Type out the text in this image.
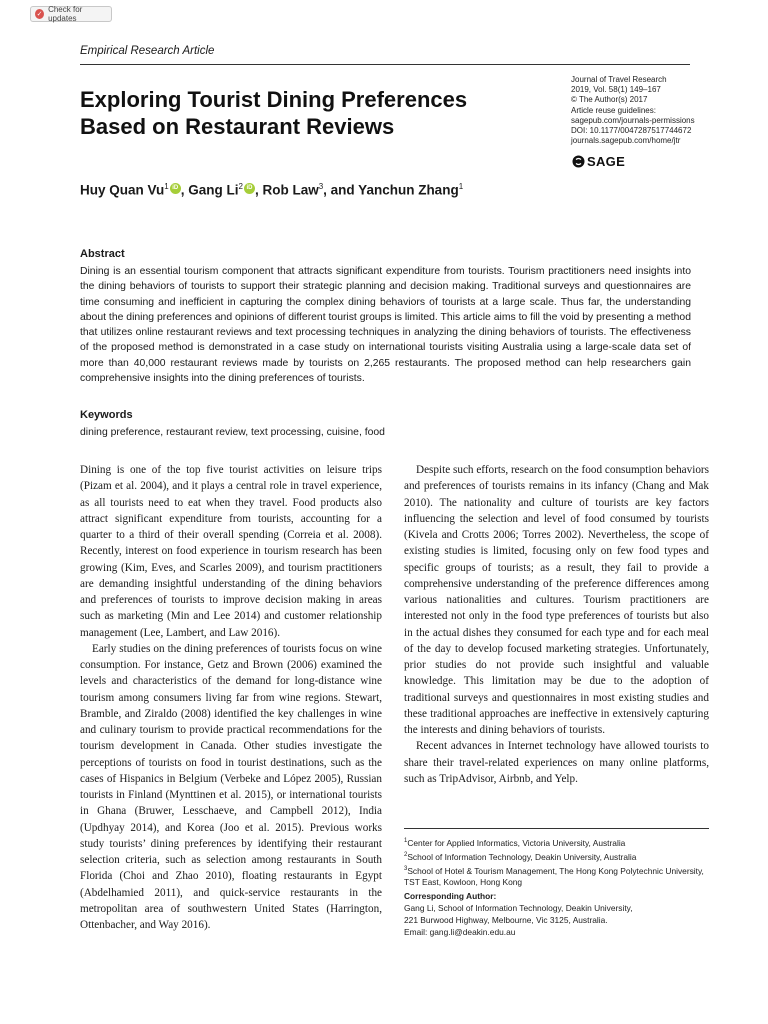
✓ Check for updates
Empirical Research Article
Exploring Tourist Dining Preferences Based on Restaurant Reviews
Journal of Travel Research
2019, Vol. 58(1) 149–167
© The Author(s) 2017
Article reuse guidelines:
sagepub.com/journals-permissions
DOI: 10.1177/0047287517744672
journals.sagepub.com/home/jtr
SAGE
Huy Quan Vu$^1$ iD , Gang Li$^2$ iD , Rob Law$^3$, and Yanchun Zhang$^1$
Abstract

Dining is an essential tourism component that attracts significant expenditure from tourists. Tourism practitioners need insights into the dining behaviors of tourists to support their strategic planning and decision making. Traditional surveys and questionnaires are time consuming and inefficient in capturing the complex dining behaviors of tourists at a large scale. Thus far, the understanding about the dining preferences and opinions of different tourist groups is limited. This article aims to fill the void by presenting a method that utilizes online restaurant reviews and text processing techniques in analyzing the dining behaviors of tourists. The effectiveness of the proposed method is demonstrated in a case study on international tourists visiting Australia using a large-scale data set of more than 40,000 restaurant reviews made by tourists on 2,265 restaurants. The proposed method can help researchers gain comprehensive insights into the dining preferences of tourists.

Keywords

dining preference, restaurant review, text processing, cuisine, food

Dining is one of the top five tourist activities on leisure trips (Pizam et al. 2004), and it plays a central role in travel experience, as all tourists need to eat when they travel. Food products also attract significant expenditure from tourists, accounting for a quarter to a third of their overall spending (Correia et al. 2008). Recently, interest on food experience in tourism research has been growing (Kim, Eves, and Scarles 2009), and tourism practitioners are demanding insightful understanding of the dining behaviors and preferences of tourists to improve decision making in areas such as marketing (Min and Lee 2014) and customer relationship management (Lee, Lambert, and Law 2016).

Early studies on the dining preferences of tourists focus on wine consumption. For instance, Getz and Brown (2006) examined the levels and characteristics of the demand for long-distance wine tourism among consumers living far from wine regions. Stewart, Bramble, and Ziraldo (2008) identified the key challenges in wine and culinary tourism to provide practical recommendations for the tourism development in Canada. Other studies investigate the perceptions of tourists on food in tourist destinations, such as the cases of Hispanics in Belgium (Verbeke and López 2005), Russian tourists in Finland (Mynttinen et al. 2015), or international tourists in Ghana (Bruwer, Lesschaeve, and Campbell 2012), India (Updhyay 2014), and Korea (Joo et al. 2015). Previous works study tourists’ dining preferences by identifying their restaurant selection criteria, such as selection among restaurants in South Florida (Choi and Zhao 2010), floating restaurants in Egypt (Abdelhamied 2011), and quick-service restaurants in the metropolitan area of southwestern United States (Harrington, Ottenbacher, and Way 2016).

Despite such efforts, research on the food consumption behaviors and preferences of tourists remains in its infancy (Chang and Mak 2010). The nationality and culture of tourists are key factors influencing the selection and level of food consumed by tourists (Kivela and Crotts 2006; Torres 2002). Nevertheless, the scope of existing studies is limited, focusing only on few food types and specific groups of tourists; as a result, they fail to provide a comprehensive understanding of the preference differences among various nationalities and cultures. Tourism practitioners are interested not only in the food type preferences of tourists but also in the actual dishes they consumed for each type and for each meal of the day to develop focused marketing strategies. Unfortunately, prior studies do not provide such insightful and valuable knowledge. This limitation may be due to the adoption of traditional surveys and questionnaires in most existing studies and these traditional approaches are ineffective in extensively capturing the interests and dining behaviors of tourists.

Recent advances in Internet technology have allowed tourists to share their travel-related experiences on many online platforms, such as TripAdvisor, Airbnb, and Yelp.

$^1$Center for Applied Informatics, Victoria University, Australia
$^2$School of Information Technology, Deakin University, Australia
$^3$School of Hotel & Tourism Management, The Hong Kong Polytechnic University, TST East, Kowloon, Hong Kong
Corresponding Author:
Gang Li, School of Information Technology, Deakin University,
221 Burwood Highway, Melbourne, Vic 3125, Australia.
Email: gang.li@deakin.edu.au
